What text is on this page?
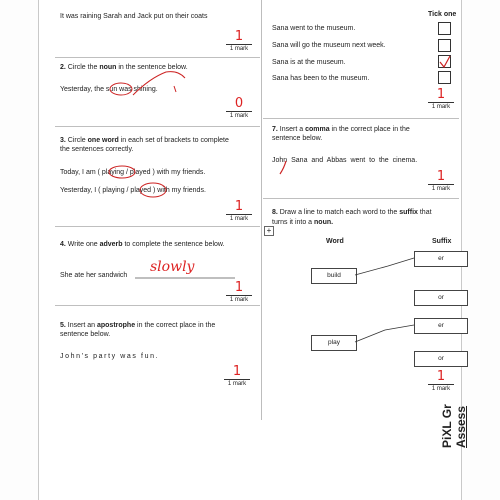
It was raining Sarah and Jack put on their coats
2. Circle the noun in the sentence below.
Yesterday, the sun was shining.
3. Circle one word in each set of brackets to complete
the sentences correctly.
Today, I am ( playing / played ) with my friends.
Yesterday, I ( playing / played ) with my friends.
4. Write one adverb to complete the sentence below.
She ate her sandwich
slowly
5. Insert an apostrophe in the correct place in the
sentence below.
John's party was fun.
1
1 mark
0
1 mark
1
1 mark
1
1 mark
1
1 mark
Tick one
Sana went to the museum.
Sana will go the museum next week.
Sana is at the museum.
Sana has been to the museum.
1
1 mark
7. Insert a comma in the correct place in the
sentence below.
John Sana and Abbas went to the cinema.
1
1 mark
8. Draw a line to match each word to the suffix that
turns it into a noun.
+
Word	Suffix
build
play
er
or
er
or
1
1 mark
PiXL Gr Assess
